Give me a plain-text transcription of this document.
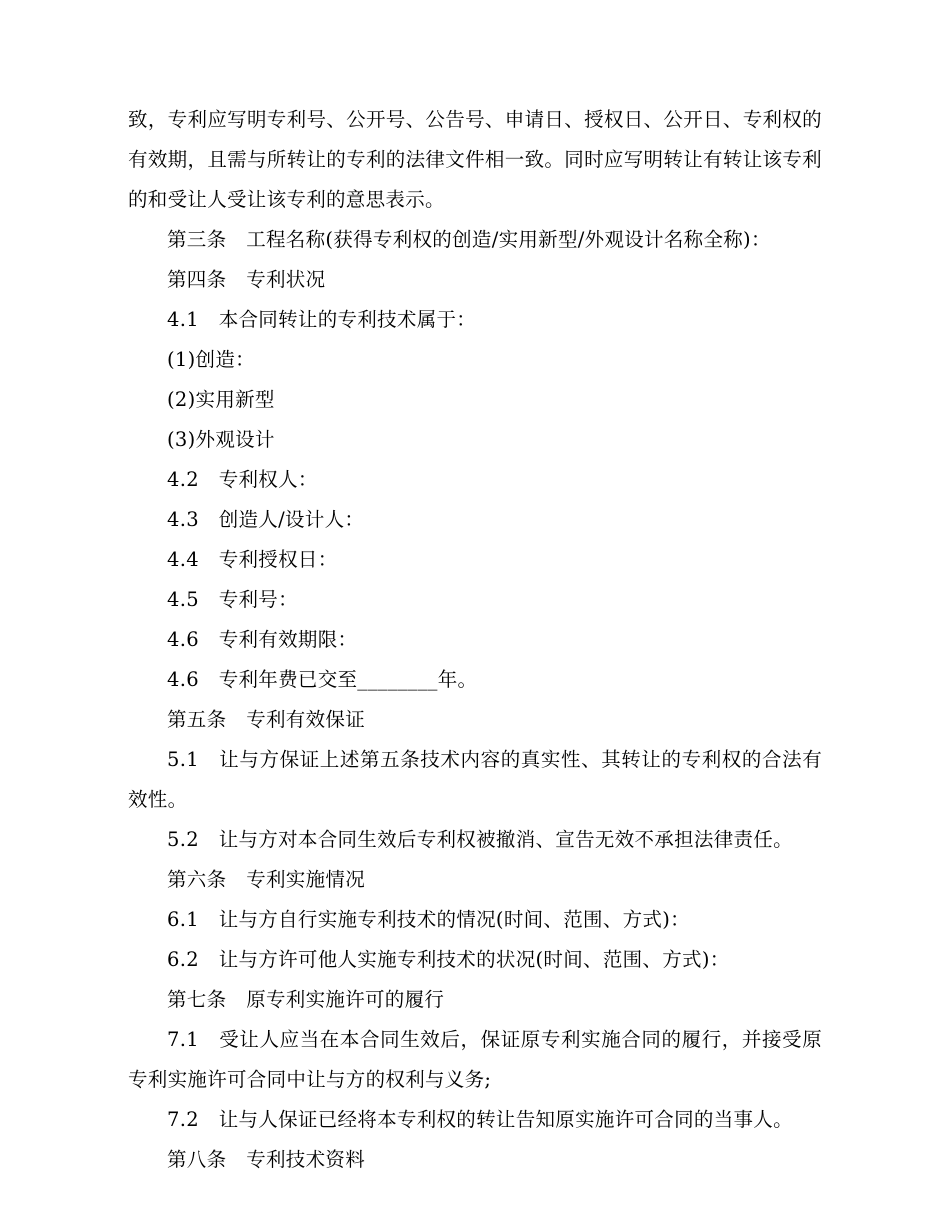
致，专利应写明专利号、公开号、公告号、申请日、授权日、公开日、专利权的有效期，且需与所转让的专利的法律文件相一致。同时应写明转让有转让该专利的和受让人受让该专利的意思表示。

第三条　工程名称(获得专利权的创造/实用新型/外观设计名称全称)：

第四条　专利状况

4.1　本合同转让的专利技术属于：

(1)创造：

(2)实用新型

(3)外观设计

4.2　专利权人：

4.3　创造人/设计人：

4.4　专利授权日：

4.5　专利号：

4.6　专利有效期限：

4.6　专利年费已交至________年。

第五条　专利有效保证

5.1　让与方保证上述第五条技术内容的真实性、其转让的专利权的合法有效性。

5.2　让与方对本合同生效后专利权被撤消、宣告无效不承担法律责任。

第六条　专利实施情况

6.1　让与方自行实施专利技术的情况(时间、范围、方式)：

6.2　让与方许可他人实施专利技术的状况(时间、范围、方式)：

第七条　原专利实施许可的履行

7.1　受让人应当在本合同生效后，保证原专利实施合同的履行，并接受原专利实施许可合同中让与方的权利与义务;

7.2　让与人保证已经将本专利权的转让告知原实施许可合同的当事人。

第八条　专利技术资料
